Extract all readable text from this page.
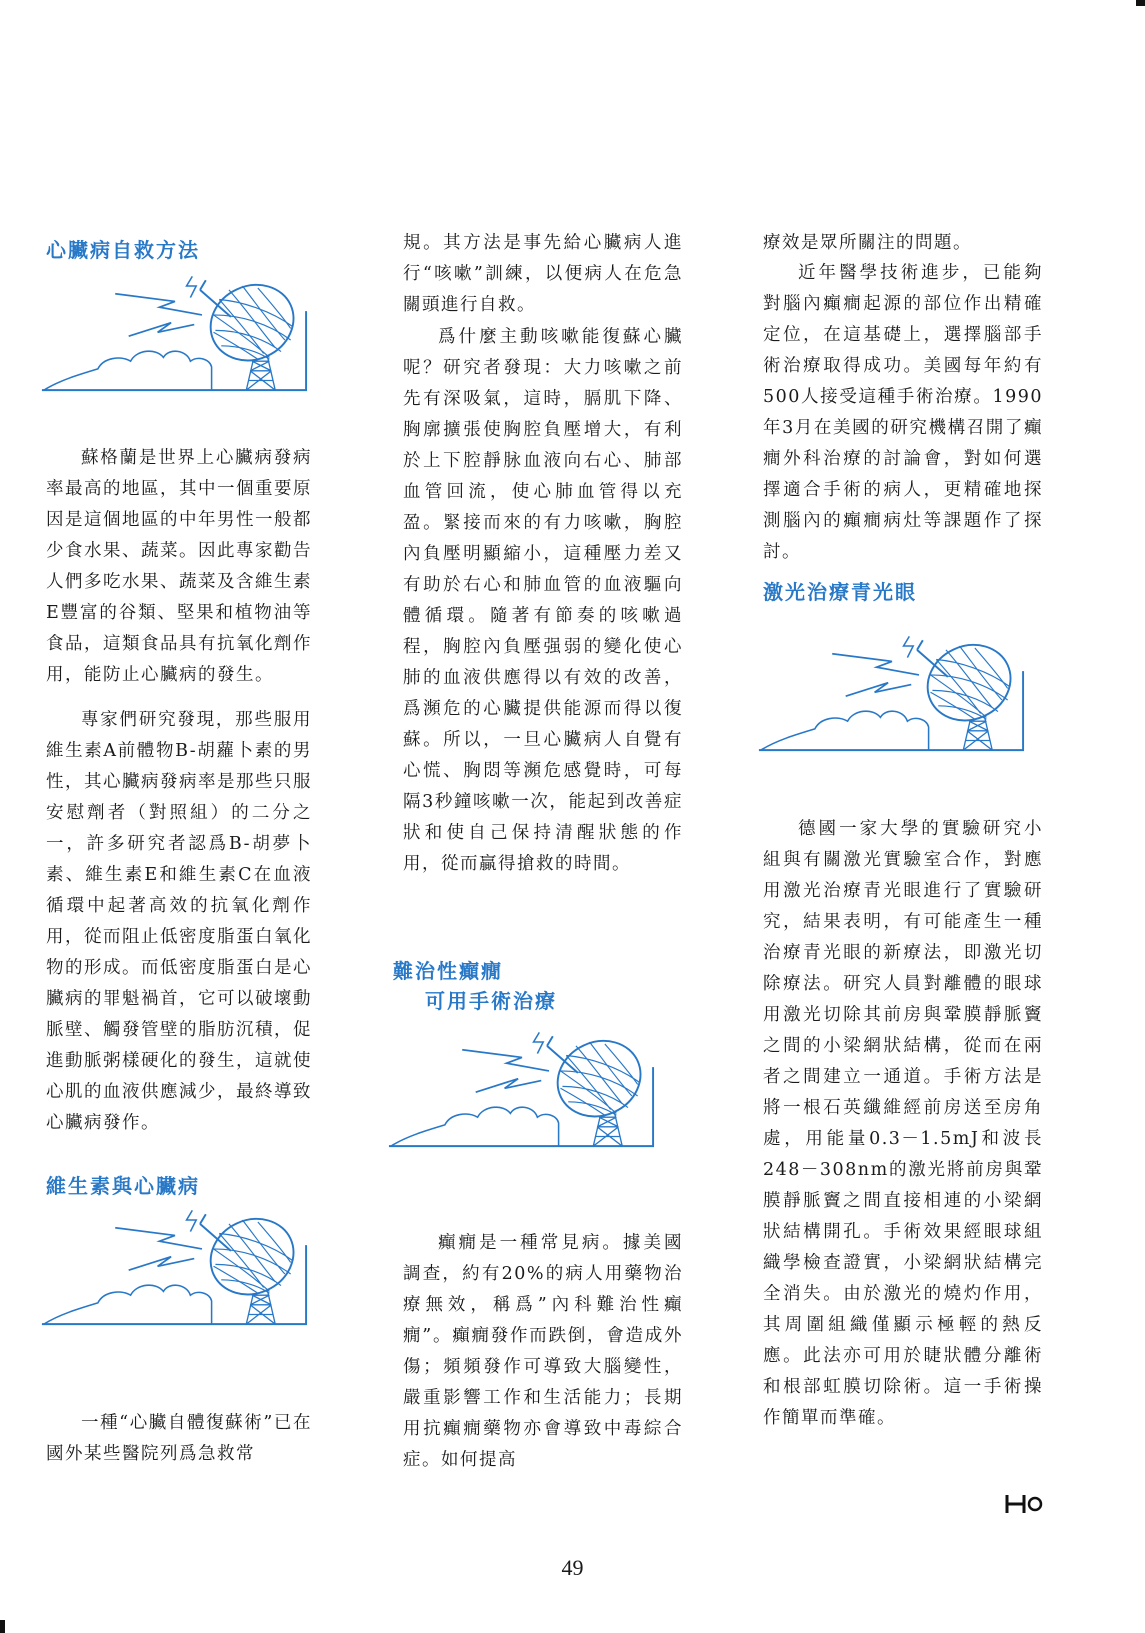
心臟病自救方法

蘇格蘭是世界上心臟病發病率最高的地區，其中一個重要原因是這個地區的中年男性一般都少食水果、蔬菜。因此專家勸告人們多吃水果、蔬菜及含維生素E豐富的谷類、堅果和植物油等食品，這類食品具有抗氧化劑作用，能防止心臟病的發生。

專家們研究發現，那些服用維生素A前體物B-胡蘿卜素的男性，其心臟病發病率是那些只服安慰劑者（對照組）的二分之一，許多研究者認爲B-胡夢卜素、維生素E和維生素C在血液循環中起著高效的抗氧化劑作用，從而阻止低密度脂蛋白氧化物的形成。而低密度脂蛋白是心臟病的罪魁禍首，它可以破壞動脈壁、觸發管壁的脂肪沉積，促進動脈粥樣硬化的發生，這就使心肌的血液供應減少，最終導致心臟病發作。

維生素與心臟病

一種“心臟自體復蘇術”已在國外某些醫院列爲急救常

規。其方法是事先給心臟病人進行“咳嗽”訓練，以便病人在危急關頭進行自救。

爲什麼主動咳嗽能復蘇心臟呢？研究者發現：大力咳嗽之前先有深吸氣，這時，膈肌下降、胸廓擴張使胸腔負壓增大，有利於上下腔靜脉血液向右心、肺部血管回流，使心肺血管得以充盈。緊接而來的有力咳嗽，胸腔內負壓明顯縮小，這種壓力差又有助於右心和肺血管的血液驅向體循環。隨著有節奏的咳嗽過程，胸腔內負壓强弱的變化使心肺的血液供應得以有效的改善，爲瀕危的心臟提供能源而得以復蘇。所以，一旦心臟病人自覺有心慌、胸悶等瀕危感覺時，可每隔3秒鐘咳嗽一次，能起到改善症狀和使自己保持清醒狀態的作用，從而贏得搶救的時間。

難治性癲癇
可用手術治療

癲癇是一種常見病。據美國調查，約有20%的病人用藥物治療無效，稱爲”內科難治性癲癇”。癲癇發作而跌倒，會造成外傷；頻頻發作可導致大腦變性，嚴重影響工作和生活能力；長期用抗癲癇藥物亦會導致中毒綜合症。如何提高

療效是眾所關注的問題。

近年醫學技術進步，已能夠對腦內癲癎起源的部位作出精確定位，在這基礎上，選擇腦部手術治療取得成功。美國每年約有500人接受這種手術治療。1990年3月在美國的研究機構召開了癲癎外科治療的討論會，對如何選擇適合手術的病人，更精確地探測腦內的癲癎病灶等課題作了探討。

激光治療青光眼

德國一家大學的實驗研究小組與有關激光實驗室合作，對應用激光治療青光眼進行了實驗研究，結果表明，有可能產生一種治療青光眼的新療法，即激光切除療法。研究人員對離體的眼球用激光切除其前房與鞏膜靜脈竇之間的小梁網狀結構，從而在兩者之間建立一通道。手術方法是將一根石英纖維經前房送至房角處，用能量0.3－1.5mJ和波長248－308nm的激光將前房與鞏膜靜脈竇之間直接相連的小梁網狀結構開孔。手術效果經眼球組織學檢查證實，小梁網狀結構完全消失。由於激光的燒灼作用，其周圍組織僅顯示極輕的熱反應。此法亦可用於睫狀體分離術和根部虹膜切除術。這一手術操作簡單而準確。

49
